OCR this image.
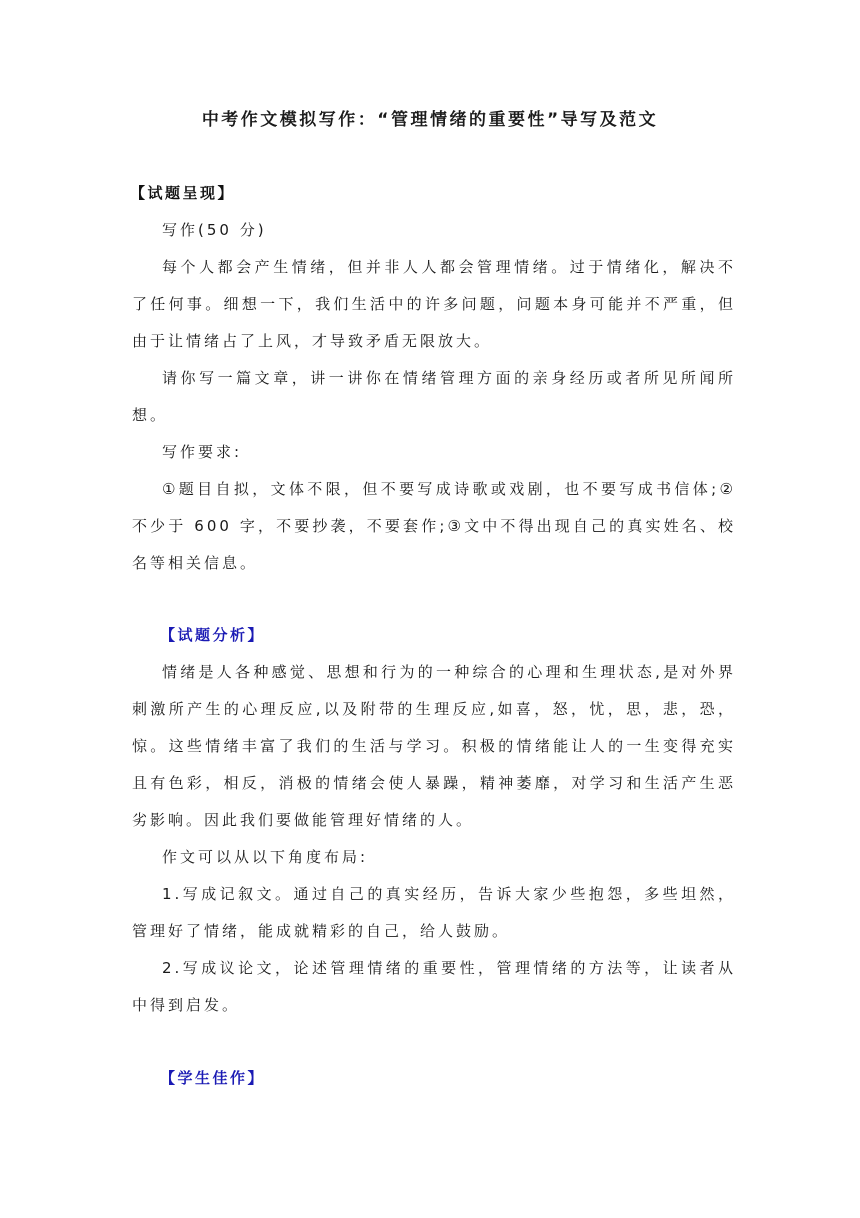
中考作文模拟写作：“管理情绪的重要性”导写及范文
【试题呈现】

写作(50 分)

每个人都会产生情绪，但并非人人都会管理情绪。过于情绪化，解决不了任何事。细想一下，我们生活中的许多问题，问题本身可能并不严重，但由于让情绪占了上风，才导致矛盾无限放大。

请你写一篇文章，讲一讲你在情绪管理方面的亲身经历或者所见所闻所想。

写作要求:

①题目自拟，文体不限，但不要写成诗歌或戏剧，也不要写成书信体;②不少于 600 字，不要抄袭，不要套作;③文中不得出现自己的真实姓名、校名等相关信息。

【试题分析】

情绪是人各种感觉、思想和行为的一种综合的心理和生理状态,是对外界刺激所产生的心理反应,以及附带的生理反应,如喜，怒，忧，思，悲，恐，惊。这些情绪丰富了我们的生活与学习。积极的情绪能让人的一生变得充实且有色彩，相反，消极的情绪会使人暴躁，精神萎靡，对学习和生活产生恶劣影响。因此我们要做能管理好情绪的人。

作文可以从以下角度布局:

1.写成记叙文。通过自己的真实经历，告诉大家少些抱怨，多些坦然，管理好了情绪，能成就精彩的自己，给人鼓励。

2.写成议论文，论述管理情绪的重要性，管理情绪的方法等，让读者从中得到启发。

【学生佳作】
